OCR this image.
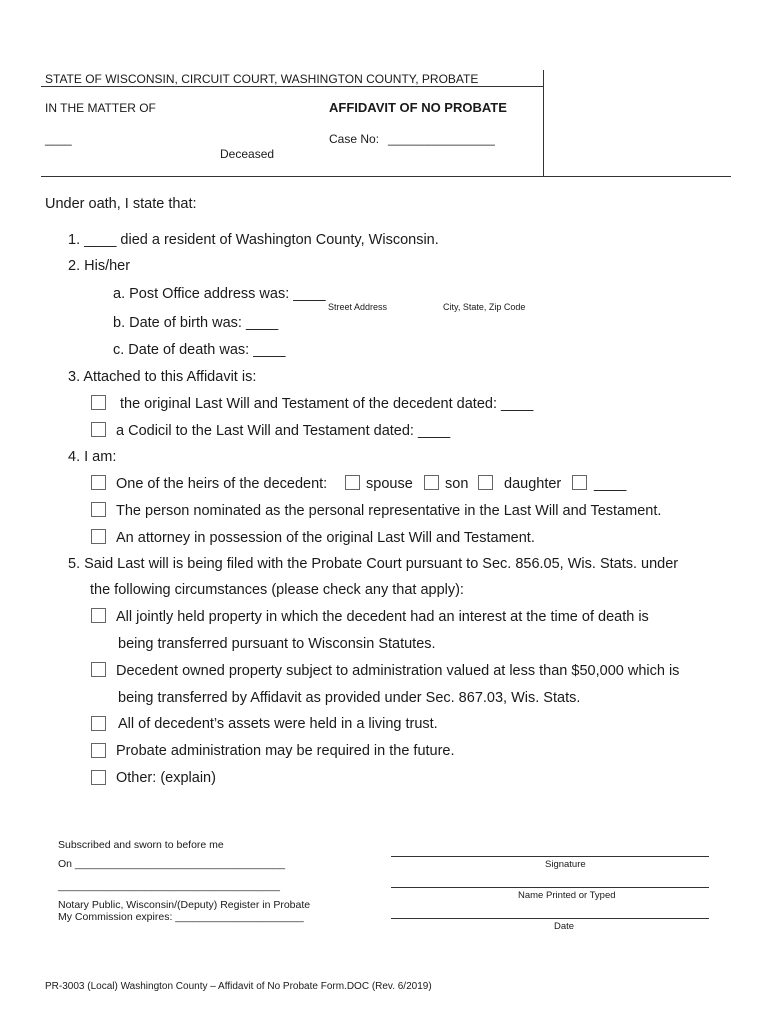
STATE OF WISCONSIN, CIRCUIT COURT, WASHINGTON COUNTY, PROBATE
IN THE MATTER OF	AFFIDAVIT OF NO PROBATE
____	Case No: ________________
Deceased
Under oath, I state that:
1. ____ died a resident of Washington County, Wisconsin.
2. His/her
a. Post Office address was: ____
Street Address	City, State, Zip Code
b. Date of birth was: ____
c. Date of death was: ____
3. Attached to this Affidavit is:
the original Last Will and Testament of the decedent dated: ____
a Codicil to the Last Will and Testament dated: ____
4. I am:
One of the heirs of the decedent:	spouse son daughter ____
The person nominated as the personal representative in the Last Will and Testament.
An attorney in possession of the original Last Will and Testament.
5. Said Last will is being filed with the Probate Court pursuant to Sec. 856.05, Wis. Stats. under
the following circumstances (please check any that apply):
All jointly held property in which the decedent had an interest at the time of death is
being transferred pursuant to Wisconsin Statutes.
Decedent owned property subject to administration valued at less than $50,000 which is
being transferred by Affidavit as provided under Sec. 867.03, Wis. Stats.
All of decedent’s assets were held in a living trust.
Probate administration may be required in the future.
Other: (explain)
Subscribed and sworn to before me
On ____________________________________
______________________________________
Notary Public, Wisconsin/(Deputy) Register in Probate
My Commission expires: ______________________
Signature
Name Printed or Typed
Date
PR-3003 (Local) Washington County – Affidavit of No Probate Form.DOC (Rev. 6/2019)
